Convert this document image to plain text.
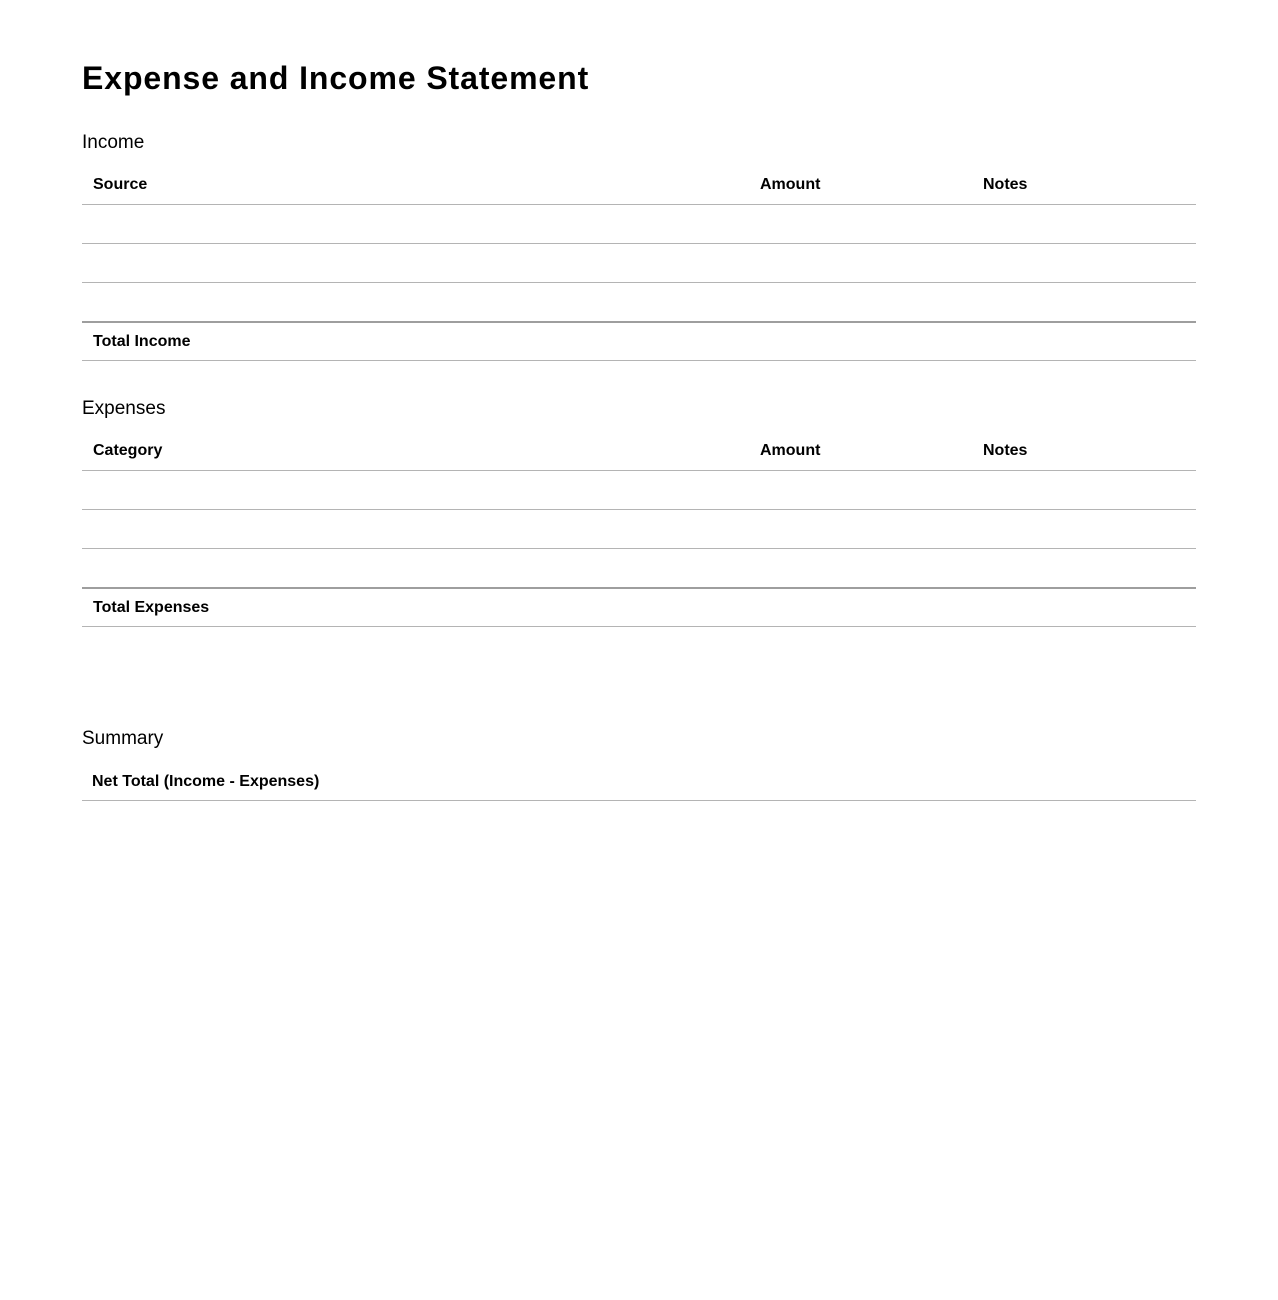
Expense and Income Statement
Income
Source	Amount	Notes

Total Income		
Expenses
Category	Amount	Notes

Total Expenses		
Summary
Net Total (Income - Expenses)
